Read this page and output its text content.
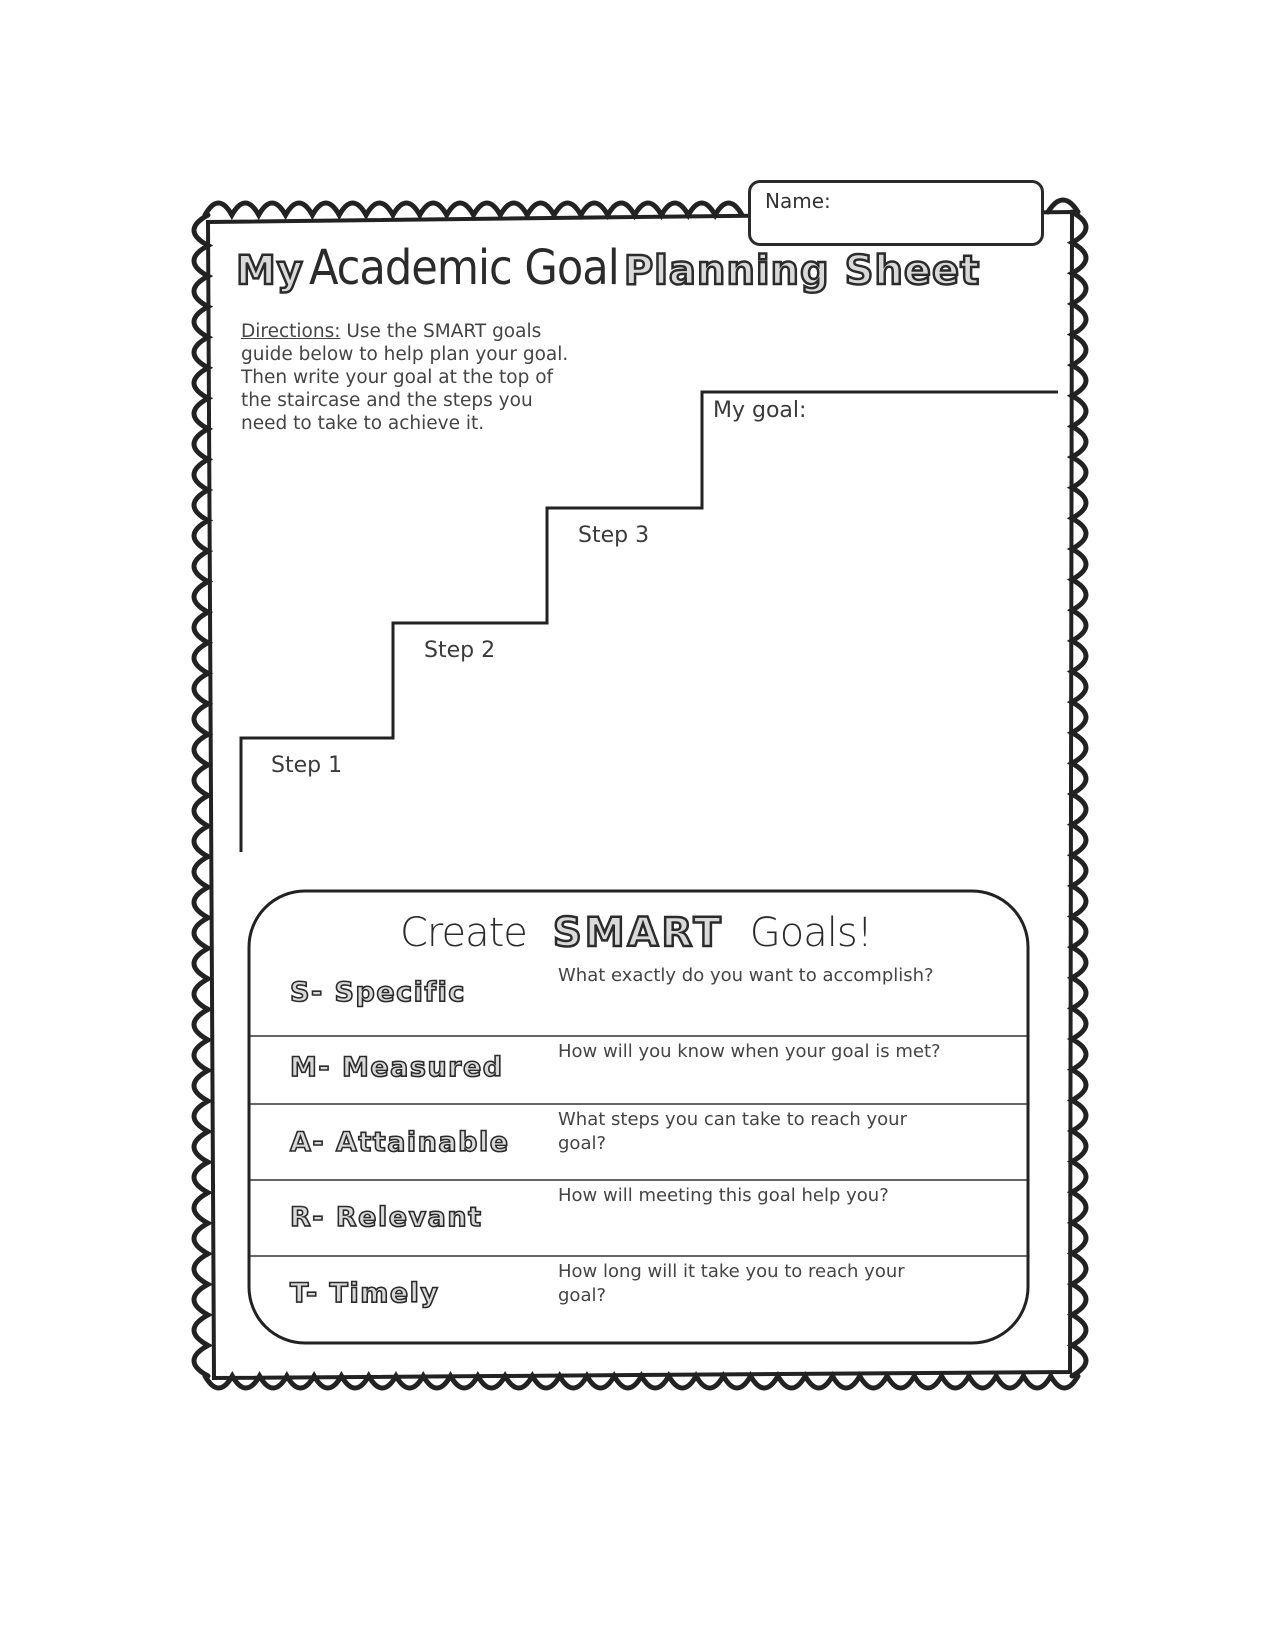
Name:
My Academic Goal Planning Sheet
Directions: Use the SMART goals guide below to help plan your goal. Then write your goal at the top of the staircase and the steps you need to take to achieve it.
My goal:
Step 3
Step 2
Step 1
Create SMART Goals!
S- Specific
What exactly do you want to accomplish?
M- Measured
How will you know when your goal is met?
A- Attainable
What steps you can take to reach your goal?
R- Relevant
How will meeting this goal help you?
T- Timely
How long will it take you to reach your goal?
